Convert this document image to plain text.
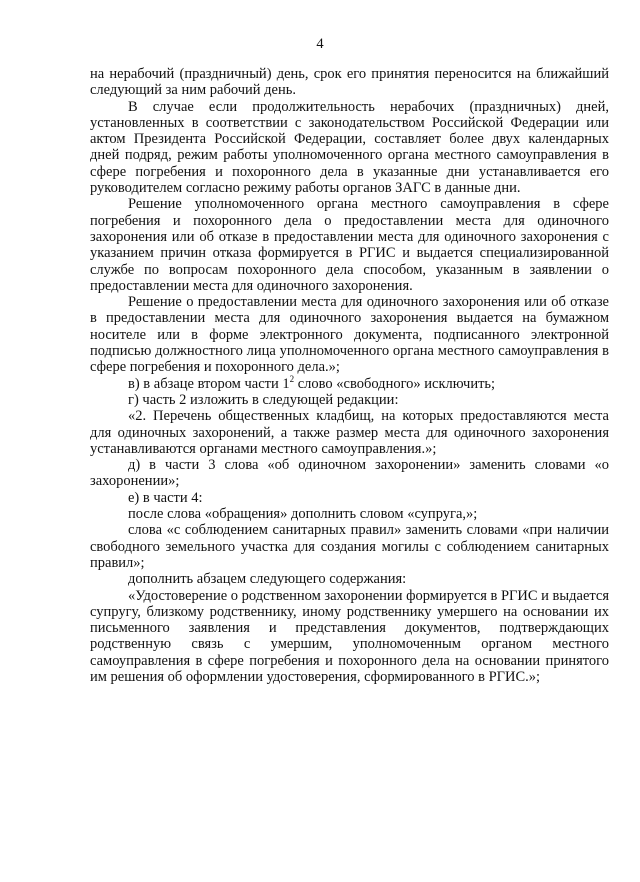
4

на нерабочий (праздничный) день, срок его принятия переносится на ближайший следующий за ним рабочий день.

В случае если продолжительность нерабочих (праздничных) дней, установленных в соответствии с законодательством Российской Федерации или актом Президента Российской Федерации, составляет более двух календарных дней подряд, режим работы уполномоченного органа местного самоуправления в сфере погребения и похоронного дела в указанные дни устанавливается его руководителем согласно режиму работы органов ЗАГС в данные дни.

Решение уполномоченного органа местного самоуправления в сфере погребения и похоронного дела о предоставлении места для одиночного захоронения или об отказе в предоставлении места для одиночного захоронения с указанием причин отказа формируется в РГИС и выдается специализированной службе по вопросам похоронного дела способом, указанным в заявлении о предоставлении места для одиночного захоронения.

Решение о предоставлении места для одиночного захоронения или об отказе в предоставлении места для одиночного захоронения выдается на бумажном носителе или в форме электронного документа, подписанного электронной подписью должностного лица уполномоченного органа местного самоуправления в сфере погребения и похоронного дела.»;

в) в абзаце втором части $1^2$ слово «свободного» исключить;

г) часть 2 изложить в следующей редакции:

«2. Перечень общественных кладбищ, на которых предоставляются места для одиночных захоронений, а также размер места для одиночного захоронения устанавливаются органами местного самоуправления.»;

д) в части 3 слова «об одиночном захоронении» заменить словами «о захоронении»;

е) в части 4:

после слова «обращения» дополнить словом «супруга,»;

слова «с соблюдением санитарных правил» заменить словами «при наличии свободного земельного участка для создания могилы с соблюдением санитарных правил»;

дополнить абзацем следующего содержания:

«Удостоверение о родственном захоронении формируется в РГИС и выдается супругу, близкому родственнику, иному родственнику умершего на основании их письменного заявления и представления документов, подтверждающих родственную связь с умершим, уполномоченным органом местного самоуправления в сфере погребения и похоронного дела на основании принятого им решения об оформлении удостоверения, сформированного в РГИС.»;
